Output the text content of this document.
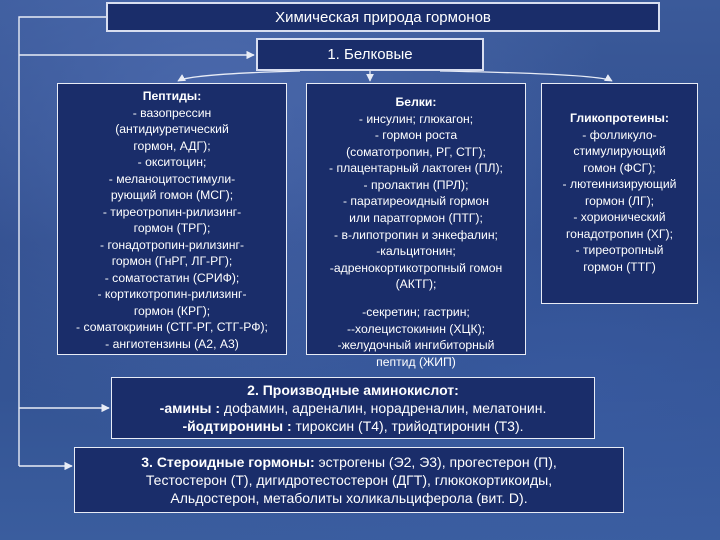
Химическая природа гормонов
1. Белковые
Пептиды:
- вазопрессин
(антидиуретический
гормон, АДГ);
- окситоцин;
- меланоцитостимули-
рующий гомон (МСГ);
- тиреотропин-рилизинг-
гормон (ТРГ);
- гонадотропин-рилизинг-
гормон (ГнРГ, ЛГ-РГ);
- соматостатин (СРИФ);
- кортикотропин-рилизинг-
гормон (КРГ);
- соматокринин (СТГ-РГ, СТГ-РФ);
- ангиотензины (А2, А3)
Белки:
- инсулин; глюкагон;
- гормон роста
(соматотропин, РГ, СТГ);
- плацентарный лактоген (ПЛ);
- пролактин (ПРЛ);
- паратиреоидный гормон
или паратгормон (ПТГ);
- в-липотропин и энкефалин;
-кальцитонин;
-адренокортикотропный гомон
(АКТГ);
-секретин; гастрин;
--холецистокинин (ХЦК);
-желудочный ингибиторный
пептид (ЖИП)
Гликопротеины:
- фолликуло-
стимулирующий
гомон (ФСГ);
- лютеинизирующий
гормон (ЛГ);
- хорионический
гонадотропин (ХГ);
- тиреотропный
гормон (ТТГ)
2. Производные аминокислот:
-амины : дофамин, адреналин, норадреналин, мелатонин.
-йодтиронины : тироксин (Т4), трийодтиронин (Т3).
3. Стероидные гормоны: эстрогены (Э2, Э3), прогестерон (П),
Тестостерон (Т), дигидротестостерон (ДГТ), глюкокортикоиды,
Альдостерон, метаболиты холикальциферола (вит. D).
